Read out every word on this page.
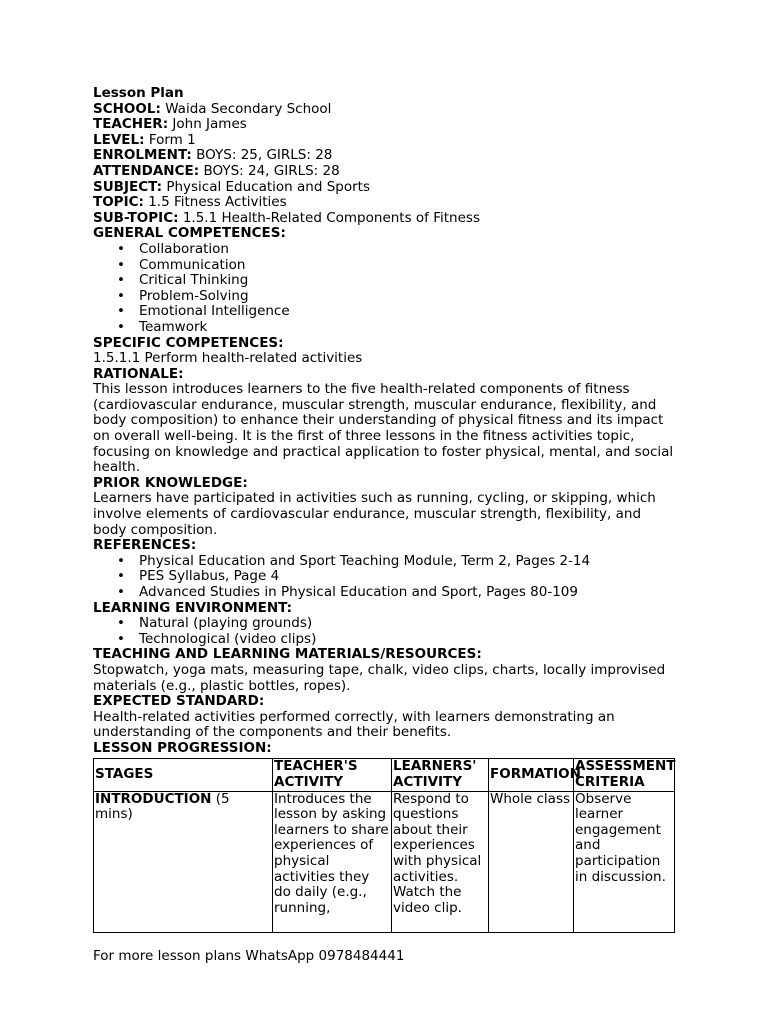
Lesson Plan
SCHOOL: Waida Secondary School
TEACHER: John James
LEVEL: Form 1
ENROLMENT: BOYS: 25, GIRLS: 28
ATTENDANCE: BOYS: 24, GIRLS: 28
SUBJECT: Physical Education and Sports
TOPIC: 1.5 Fitness Activities
SUB-TOPIC: 1.5.1 Health-Related Components of Fitness
GENERAL COMPETENCES:
• Collaboration
• Communication
• Critical Thinking
• Problem-Solving
• Emotional Intelligence
• Teamwork
SPECIFIC COMPETENCES:
1.5.1.1 Perform health-related activities
RATIONALE:
This lesson introduces learners to the five health-related components of fitness (cardiovascular endurance, muscular strength, muscular endurance, flexibility, and body composition) to enhance their understanding of physical fitness and its impact on overall well-being. It is the first of three lessons in the fitness activities topic, focusing on knowledge and practical application to foster physical, mental, and social health.
PRIOR KNOWLEDGE:
Learners have participated in activities such as running, cycling, or skipping, which involve elements of cardiovascular endurance, muscular strength, flexibility, and body composition.
REFERENCES:
• Physical Education and Sport Teaching Module, Term 2, Pages 2-14
• PES Syllabus, Page 4
• Advanced Studies in Physical Education and Sport, Pages 80-109
LEARNING ENVIRONMENT:
• Natural (playing grounds)
• Technological (video clips)
TEACHING AND LEARNING MATERIALS/RESOURCES:
Stopwatch, yoga mats, measuring tape, chalk, video clips, charts, locally improvised materials (e.g., plastic bottles, ropes).
EXPECTED STANDARD:
Health-related activities performed correctly, with learners demonstrating an understanding of the components and their benefits.
LESSON PROGRESSION:
STAGES	TEACHER'S ACTIVITY	LEARNERS' ACTIVITY	FORMATION	ASSESSMENT CRITERIA
INTRODUCTION (5 mins)	Introduces the lesson by asking learners to share experiences of physical activities they do daily (e.g., running,	Respond to questions about their experiences with physical activities. Watch the video clip.	Whole class	Observe learner engagement and participation in discussion.
For more lesson plans WhatsApp 0978484441
